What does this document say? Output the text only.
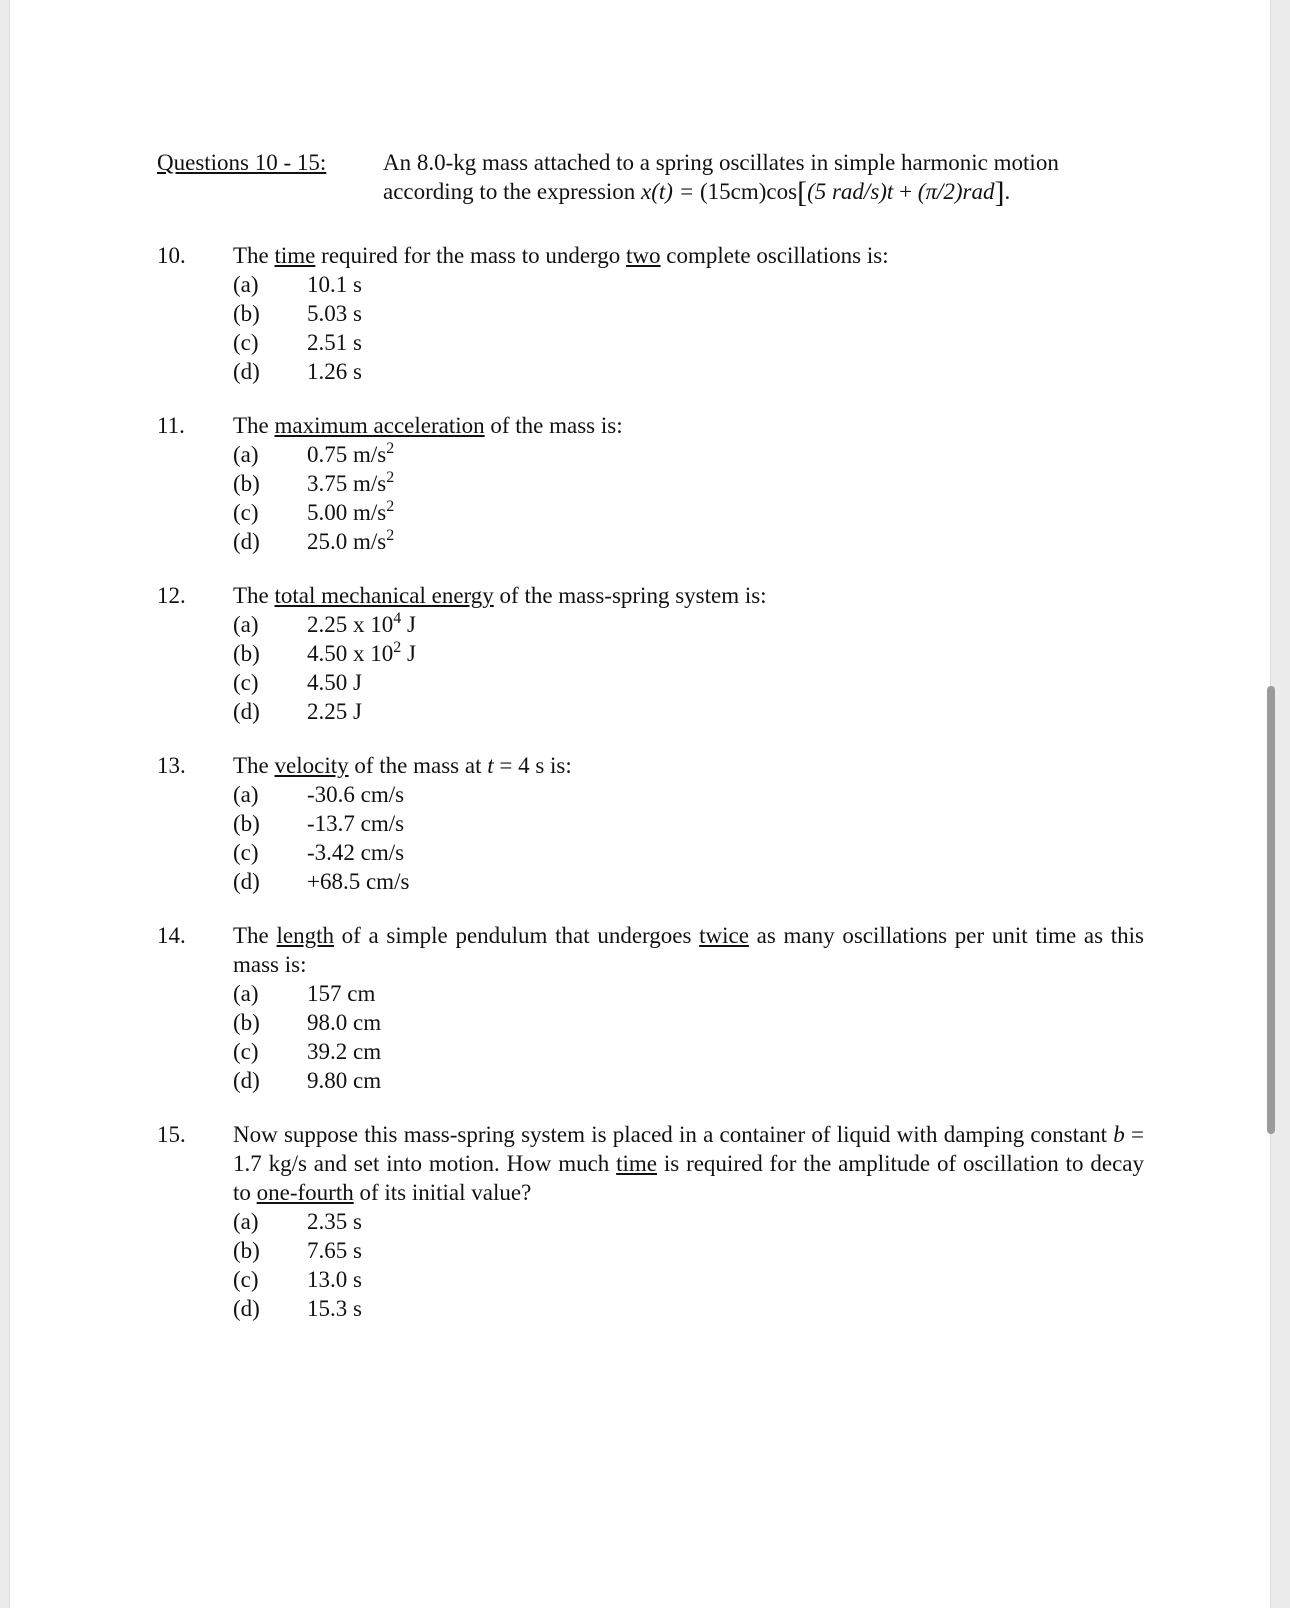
Questions 10 - 15:	An 8.0-kg mass attached to a spring oscillates in simple harmonic motion
according to the expression x(t) = (15cm)cos[(5 rad/s)t + (π/2)rad].
10.	The time required for the mass to undergo two complete oscillations is:
(a)	10.1 s
(b)	5.03 s
(c)	2.51 s
(d)	1.26 s
11.	The maximum acceleration of the mass is:
(a)	0.75 $m/s^2$
(b)	3.75 $m/s^2$
(c)	5.00 $m/s^2$
(d)	25.0 $m/s^2$
12.	The total mechanical energy of the mass-spring system is:
(a)	2.25 x $10^4$ J
(b)	4.50 x $10^2$ J
(c)	4.50 J
(d)	2.25 J
13.	The velocity of the mass at t = 4 s is:
(a)	-30.6 cm/s
(b)	-13.7 cm/s
(c)	-3.42 cm/s
(d)	+68.5 cm/s
14.	The length of a simple pendulum that undergoes twice as many oscillations per unit time as this mass is:
(a)	157 cm
(b)	98.0 cm
(c)	39.2 cm
(d)	9.80 cm
15.	Now suppose this mass-spring system is placed in a container of liquid with damping constant b = 1.7 kg/s and set into motion. How much time is required for the amplitude of oscillation to decay to one-fourth of its initial value?
(a)	2.35 s
(b)	7.65 s
(c)	13.0 s
(d)	15.3 s
